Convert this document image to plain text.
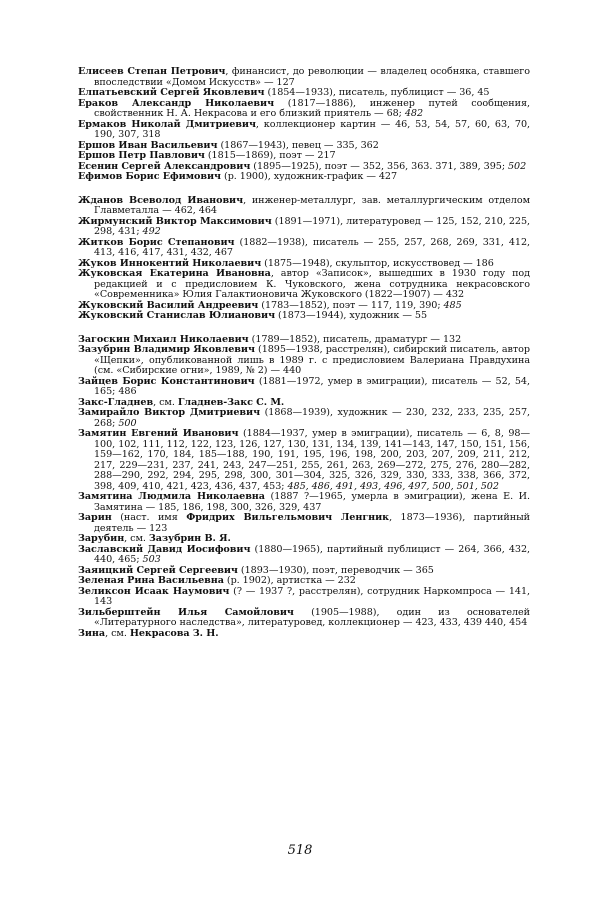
Елисеев Степан Петрович, финансист, до революции — владелец особняка, ставшего впоследствии «Домом Искусств» — 127

Елпатьевский Сергей Яковлевич (1854—1933), писатель, публицист — 36, 45

Ераков Александр Николаевич (1817—1886), инженер путей сообщения, свойственник Н. А. Некрасова и его близкий приятель — 68; 482

Ермаков Николай Дмитриевич, коллекционер картин — 46, 53, 54, 57, 60, 63, 70, 190, 307, 318

Ершов Иван Васильевич (1867—1943), певец — 335, 362

Ершов Петр Павлович (1815—1869), поэт — 217

Есенин Сергей Александрович (1895—1925), поэт — 352, 356, 363. 371, 389, 395; 502

Ефимов Борис Ефимович (р. 1900), художник-график — 427

Жданов Всеволод Иванович, инженер-металлург, зав. металлургическим отделом Главметалла — 462, 464

Жирмунский Виктор Максимович (1891—1971), литературовед — 125, 152, 210, 225, 298, 431; 492

Житков Борис Степанович (1882—1938), писатель — 255, 257, 268, 269, 331, 412, 413, 416, 417, 431, 432, 467

Жуков Иннокентий Николаевич (1875—1948), скульптор, искусствовед — 186

Жуковская Екатерина Ивановна, автор «Записок», вышедших в 1930 году под редакцией и с предисловием К. Чуковского, жена сотрудника некрасовского «Современника» Юлия Галактионовича Жуковского (1822—1907) — 432

Жуковский Василий Андреевич (1783—1852), поэт — 117, 119, 390; 485

Жуковский Станислав Юлианович (1873—1944), художник — 55

Загоскин Михаил Николаевич (1789—1852), писатель, драматург — 132

Зазубрин Владимир Яковлевич (1895—1938, расстрелян), сибирский писатель, автор «Щепки», опубликованной лишь в 1989 г. с предисловием Валериана Правдухина (см. «Сибирские огни», 1989, № 2) — 440

Зайцев Борис Константинович (1881—1972, умер в эмиграции), писатель — 52, 54, 165; 486

Закс-Гладнев, см. Гладнев-Закс С. М.

Замирайло Виктор Дмитриевич (1868—1939), художник — 230, 232, 233, 235, 257, 268; 500

Замятин Евгений Иванович (1884—1937, умер в эмиграции), писатель — 6, 8, 98—100, 102, 111, 112, 122, 123, 126, 127, 130, 131, 134, 139, 141—143, 147, 150, 151, 156, 159—162, 170, 184, 185—188, 190, 191, 195, 196, 198, 200, 203, 207, 209, 211, 212, 217, 229—231, 237, 241, 243, 247—251, 255, 261, 263, 269—272, 275, 276, 280—282, 288—290, 292, 294, 295, 298, 300, 301—304, 325, 326, 329, 330, 333, 338, 366, 372, 398, 409, 410, 421, 423, 436, 437, 453; 485, 486, 491, 493, 496, 497, 500, 501, 502

Замятина Людмила Николаевна (1887 ?—1965, умерла в эмиграции), жена Е. И. Замятина — 185, 186, 198, 300, 326, 329, 437

Зарин (наст. имя Фридрих Вильгельмович Ленгник, 1873—1936), партийный деятель — 123

Зарубин, см. Зазубрин В. Я.

Заславский Давид Иосифович (1880—1965), партийный публицист — 264, 366, 432, 440, 465; 503

Заяицкий Сергей Сергеевич (1893—1930), поэт, переводчик — 365

Зеленая Рина Васильевна (р. 1902), артистка — 232

Зеликсон Исаак Наумович (? — 1937 ?, расстрелян), сотрудник Наркомпроса — 141, 143

Зильберштейн Илья Самойлович (1905—1988), один из основателей «Литературного наследства», литературовед, коллекционер — 423, 433, 439 440, 454

Зина, см. Некрасова З. Н.

518
